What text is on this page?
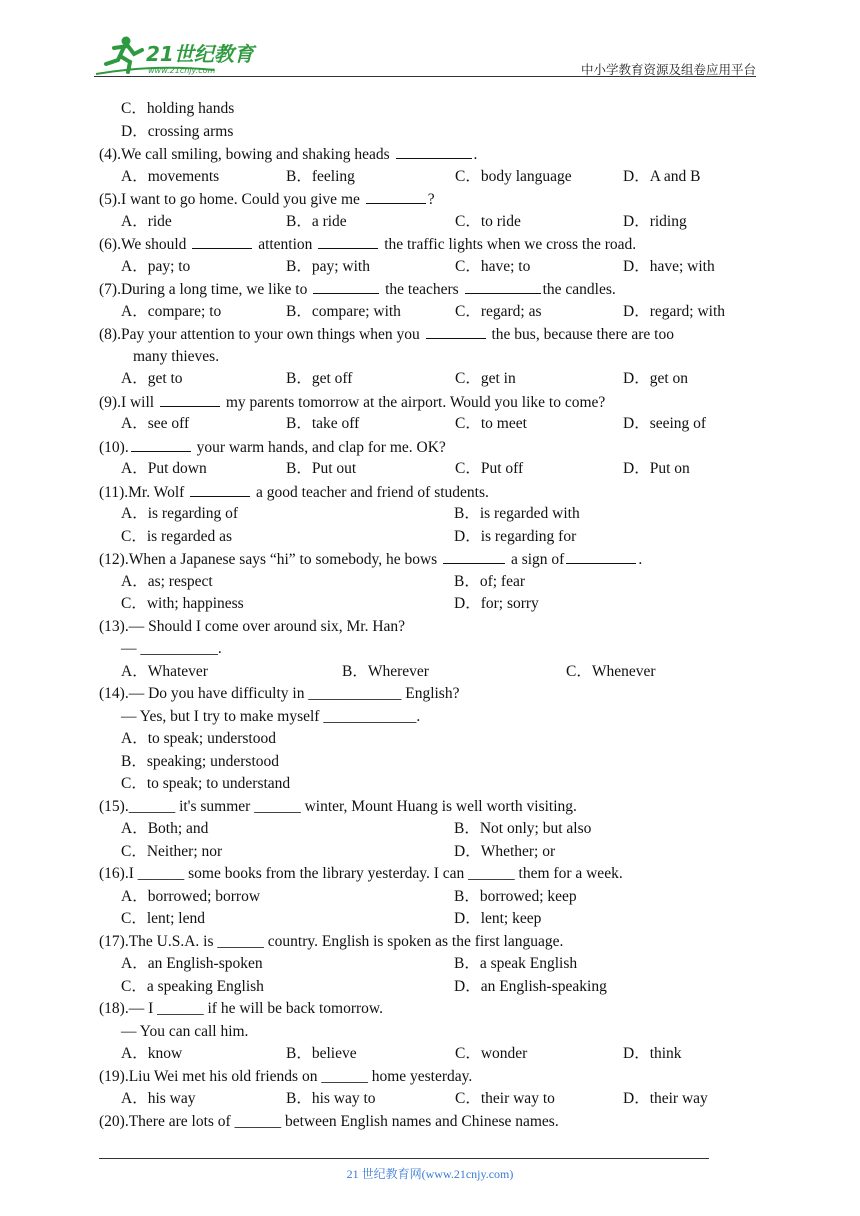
21世纪教育
www.21cnjy.com	中小学教育资源及组卷应用平台
C．holding hands
D．crossing arms
(4).We call smiling, bowing and shaking heads	.
A．movements	B．feeling	C．body language	D．A and B
(5).I want to go home. Could you give me	?
A．ride	B．a ride	C．to ride	D．riding
(6).We should	attention	the traffic lights when we cross the road.
A．pay; to	B．pay; with	C．have; to	D．have; with
(7).During a long time, we like to	the teachers	the candles.
A．compare; to	B．compare; with	C．regard; as	D．regard; with
(8).Pay your attention to your own things when you	the bus, because there are too
many thieves.
A．get to	B．get off	C．get in	D．get on
(9).I will	my parents tomorrow at the airport. Would you like to come?
A．see off	B．take off	C．to meet	D．seeing of
(10).	your warm hands, and clap for me. OK?
A．Put down	B．Put out	C．Put off	D．Put on
(11).Mr. Wolf	a good teacher and friend of students.
A．is regarding of	B．is regarded with
C．is regarded as	D．is regarding for
(12).When a Japanese says “hi” to somebody, he bows	a sign of	.
A．as; respect	B．of; fear
C．with; happiness	D．for; sorry
(13).— Should I come over around six, Mr. Han?
— __________.
A．Whatever	B．Wherever	C．Whenever
(14).— Do you have difficulty in ____________ English?
— Yes, but I try to make myself ____________.
A．to speak; understood
B．speaking; understood
C．to speak; to understand
(15).______ it's summer ______ winter, Mount Huang is well worth visiting.
A．Both; and	B．Not only; but also
C．Neither; nor	D．Whether; or
(16).I ______ some books from the library yesterday. I can ______ them for a week.
A．borrowed; borrow	B．borrowed; keep
C．lent; lend	D．lent; keep
(17).The U.S.A. is ______ country. English is spoken as the first language.
A．an English-spoken	B．a speak English
C．a speaking English	D．an English-speaking
(18).— I ______ if he will be back tomorrow.
— You can call him.
A．know	B．believe	C．wonder	D．think
(19).Liu Wei met his old friends on ______ home yesterday.
A．his way	B．his way to	C．their way to	D．their way
(20).There are lots of ______ between English names and Chinese names.
21 世纪教育网(www.21cnjy.com)
